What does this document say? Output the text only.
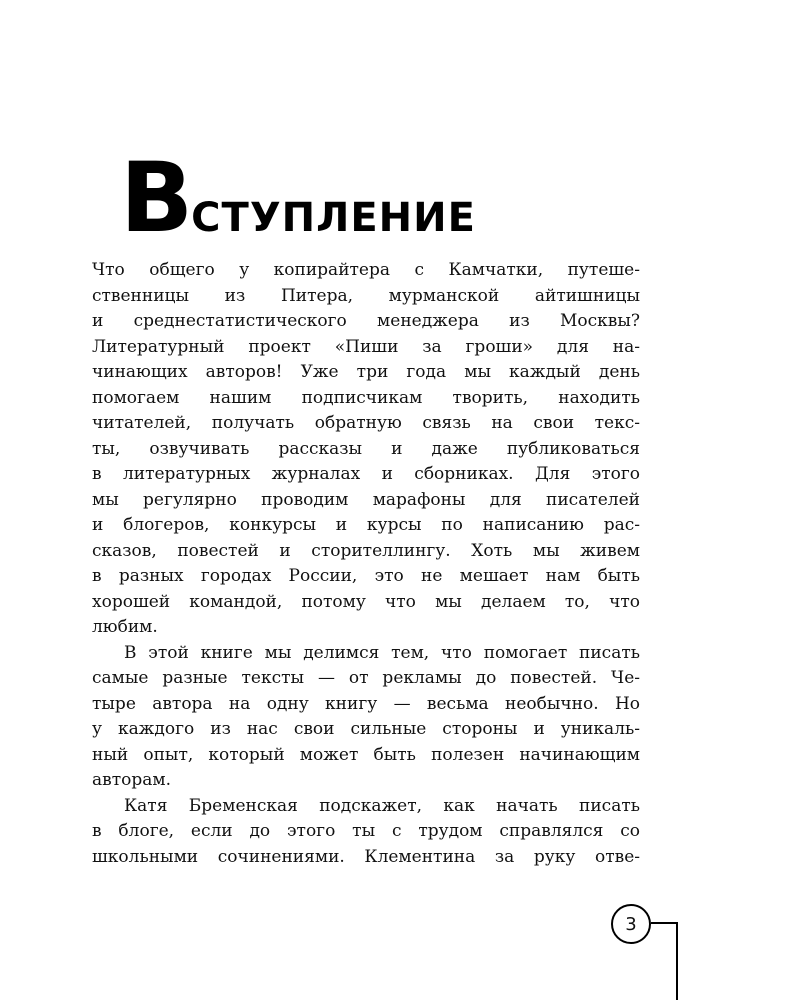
ВСТУПЛЕНИЕ
Что общего у копирайтера с Камчатки, путеше-
ственницы из Питера, мурманской айтишницы
и среднестатистического менеджера из Москвы?
Литературный проект «Пиши за гроши» для на-
чинающих авторов! Уже три года мы каждый день
помогаем нашим подписчикам творить, находить
читателей, получать обратную связь на свои текс-
ты, озвучивать рассказы и даже публиковаться
в литературных журналах и сборниках. Для этого
мы регулярно проводим марафоны для писателей
и блогеров, конкурсы и курсы по написанию рас-
сказов, повестей и сторителлингу. Хоть мы живем
в разных городах России, это не мешает нам быть
хорошей командой, потому что мы делаем то, что
любим.
В этой книге мы делимся тем, что помогает писать
самые разные тексты — от рекламы до повестей. Че-
тыре автора на одну книгу — весьма необычно. Но
у каждого из нас свои сильные стороны и уникаль-
ный опыт, который может быть полезен начинающим
авторам.
Катя Бременская подскажет, как начать писать
в блоге, если до этого ты с трудом справлялся со
школьными сочинениями. Клементина за руку отве-
3
